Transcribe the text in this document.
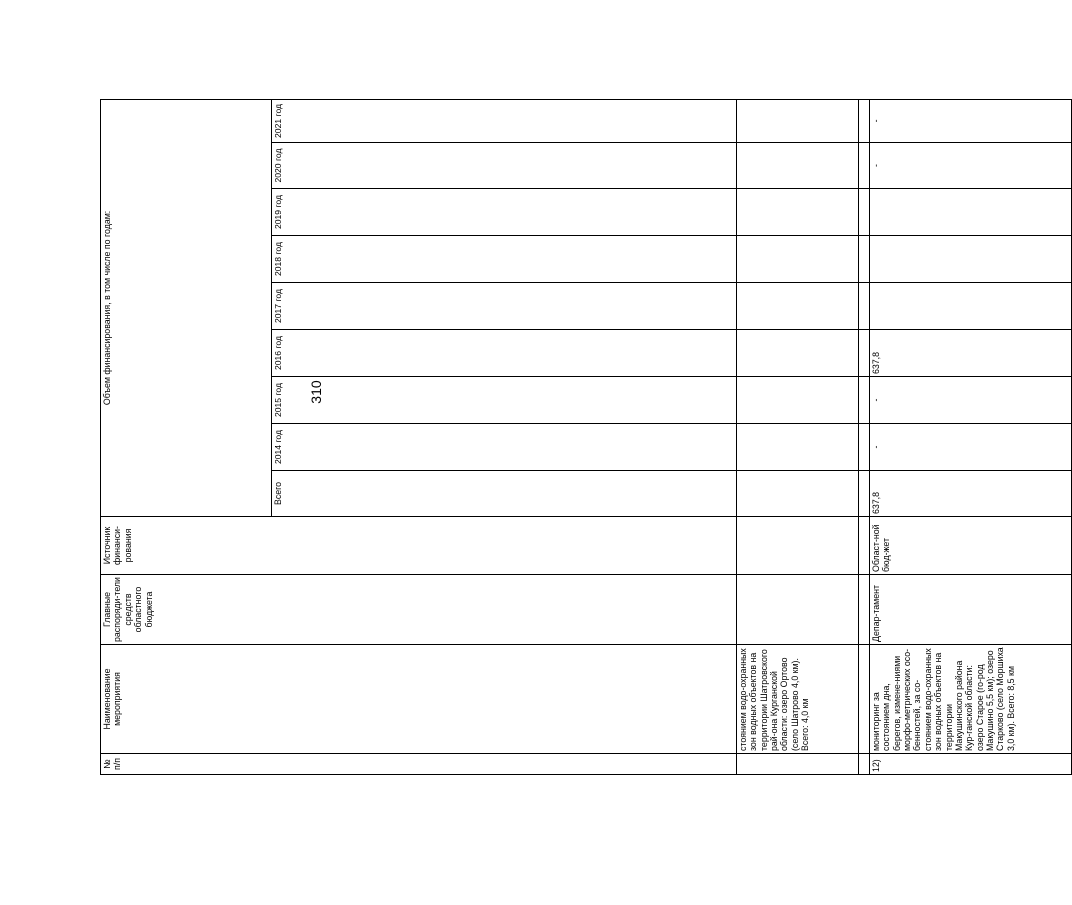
310
№ п/п	Наименование мероприятия	Главные распоряди-тели средств областного бюджета	Источник финанси-рования	Объем финансирования, в том числе по годам:	
				Всего	2014 год	2015 год	2016 год	2017 год	2018 год	2019 год	2020 год	2021 год	
	стоянием водо-охранных зон водных объектов на территории Шатровского рай-она Курганской области: озеро Ортово (село Шатрово 4,0 км). Всего: 4,0 км												

12)	мониторинг за состоянием дна, берегов, измене-ниями морфо-метрических осо-бенностей, за со-стоянием водо-охранных зон водных объектов на территории Макушинского района Кур-ганской области: озеро Старое (го-род Макушино 5,5 км); озеро Старково (село Моршиха 3,0 км). Всего: 8,5 км	Депар-тамент	Област-ной бюд-жет	637,8	-	-	637,8				-	-	
